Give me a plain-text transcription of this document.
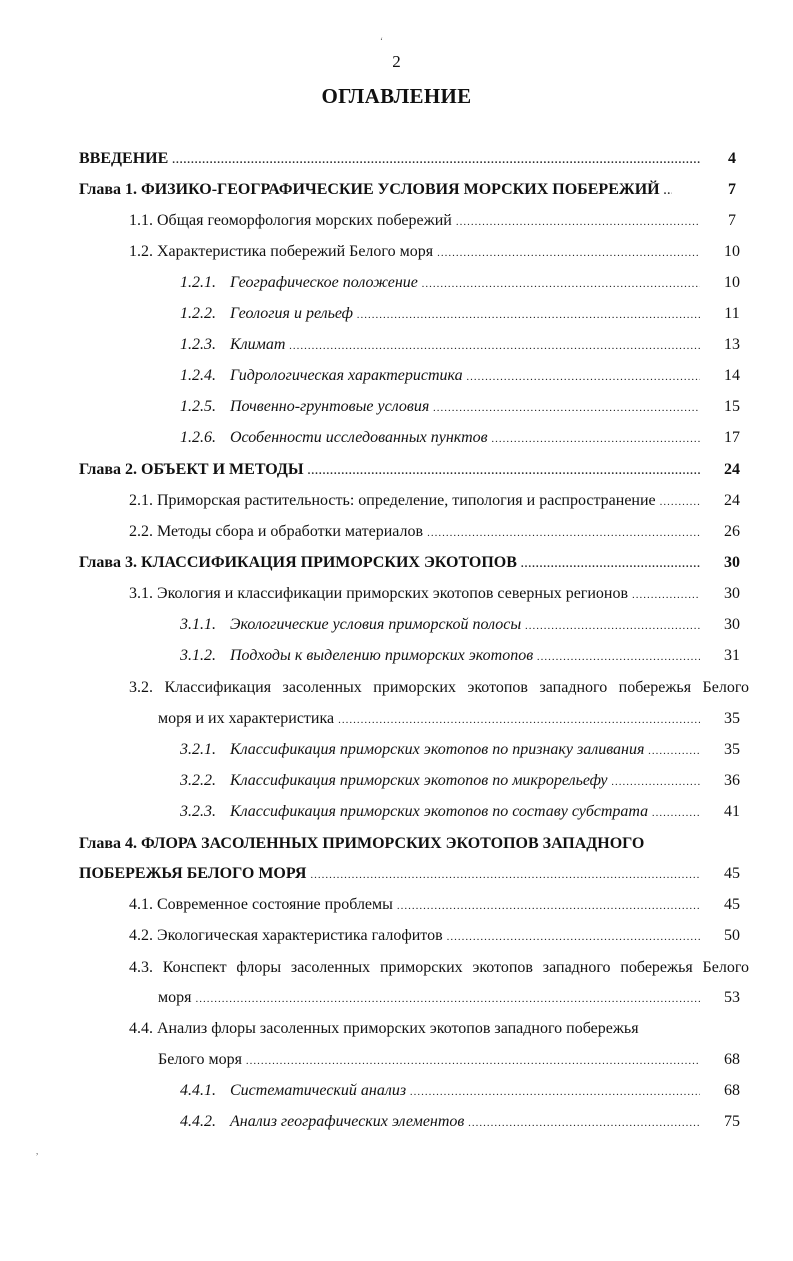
‘
2
ОГЛАВЛЕНИЕ
ВВЕДЕНИЕ .....	4
Глава 1. ФИЗИКО-ГЕОГРАФИЧЕСКИЕ УСЛОВИЯ МОРСКИХ ПОБЕРЕЖИЙ .....	7
1.1. Общая геоморфология морских побережий .....	7
1.2. Характеристика побережий Белого моря .....	10
1.2.1. Географическое положение .....	10
1.2.2. Геология и рельеф .....	11
1.2.3. Климат .....	13
1.2.4. Гидрологическая характеристика .....	14
1.2.5. Почвенно-грунтовые условия .....	15
1.2.6. Особенности исследованных пунктов .....	17
Глава 2. ОБЪЕКТ И МЕТОДЫ .....	24
2.1. Приморская растительность: определение, типология и распространение .....	24
2.2. Методы сбора и обработки материалов .....	26
Глава 3. КЛАССИФИКАЦИЯ ПРИМОРСКИХ ЭКОТОПОВ .....	30
3.1. Экология и классификации приморских экотопов северных регионов .....	30
3.1.1. Экологические условия приморской полосы .....	30
3.1.2. Подходы к выделению приморских экотопов .....	31
3.2. Классификация засоленных приморских экотопов западного побережья Белого
моря и их характеристика .....	35
3.2.1. Классификация приморских экотопов по признаку заливания .....	35
3.2.2. Классификация приморских экотопов по микрорельефу .....	36
3.2.3. Классификация приморских экотопов по составу субстрата .....	41
Глава 4. ФЛОРА ЗАСОЛЕННЫХ ПРИМОРСКИХ ЭКОТОПОВ ЗАПАДНОГО
ПОБЕРЕЖЬЯ БЕЛОГО МОРЯ .....	45
4.1. Современное состояние проблемы .....	45
4.2. Экологическая характеристика галофитов .....	50
4.3. Конспект флоры засоленных приморских экотопов западного побережья Белого
моря .....	53
4.4. Анализ флоры засоленных приморских экотопов западного побережья
Белого моря .....	68
4.4.1. Систематический анализ .....	68
4.4.2. Анализ географических элементов .....	75
,
